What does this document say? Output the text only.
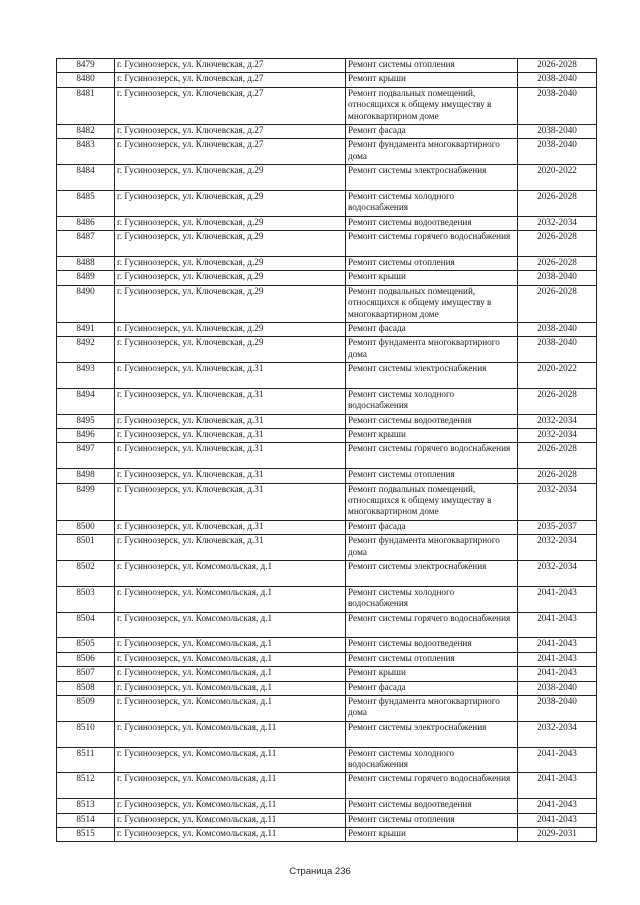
8479	г. Гусиноозерск, ул. Ключевская, д.27	Ремонт системы отопления	2026-2028
8480	г. Гусиноозерск, ул. Ключевская, д.27	Ремонт крыши	2038-2040
8481	г. Гусиноозерск, ул. Ключевская, д.27	Ремонт подвальных помещений, относящихся к общему имуществу в многоквартирном доме	2038-2040
8482	г. Гусиноозерск, ул. Ключевская, д.27	Ремонт фасада	2038-2040
8483	г. Гусиноозерск, ул. Ключевская, д.27	Ремонт фундамента многоквартирного дома	2038-2040
8484	г. Гусиноозерск, ул. Ключевская, д.29	Ремонт системы электроснабжения	2020-2022
8485	г. Гусиноозерск, ул. Ключевская, д.29	Ремонт системы холодного водоснабжения	2026-2028
8486	г. Гусиноозерск, ул. Ключевская, д.29	Ремонт системы водоотведения	2032-2034
8487	г. Гусиноозерск, ул. Ключевская, д.29	Ремонт системы горячего водоснабжения	2026-2028
8488	г. Гусиноозерск, ул. Ключевская, д.29	Ремонт системы отопления	2026-2028
8489	г. Гусиноозерск, ул. Ключевская, д.29	Ремонт крыши	2038-2040
8490	г. Гусиноозерск, ул. Ключевская, д.29	Ремонт подвальных помещений, относящихся к общему имуществу в многоквартирном доме	2026-2028
8491	г. Гусиноозерск, ул. Ключевская, д.29	Ремонт фасада	2038-2040
8492	г. Гусиноозерск, ул. Ключевская, д.29	Ремонт фундамента многоквартирного дома	2038-2040
8493	г. Гусиноозерск, ул. Ключевская, д.31	Ремонт системы электроснабжения	2020-2022
8494	г. Гусиноозерск, ул. Ключевская, д.31	Ремонт системы холодного водоснабжения	2026-2028
8495	г. Гусиноозерск, ул. Ключевская, д.31	Ремонт системы водоотведения	2032-2034
8496	г. Гусиноозерск, ул. Ключевская, д.31	Ремонт крыши	2032-2034
8497	г. Гусиноозерск, ул. Ключевская, д.31	Ремонт системы горячего водоснабжения	2026-2028
8498	г. Гусиноозерск, ул. Ключевская, д.31	Ремонт системы отопления	2026-2028
8499	г. Гусиноозерск, ул. Ключевская, д.31	Ремонт подвальных помещений, относящихся к общему имуществу в многоквартирном доме	2032-2034
8500	г. Гусиноозерск, ул. Ключевская, д.31	Ремонт фасада	2035-2037
8501	г. Гусиноозерск, ул. Ключевская, д.31	Ремонт фундамента многоквартирного дома	2032-2034
8502	г. Гусиноозерск, ул. Комсомольская, д.1	Ремонт системы электроснабжения	2032-2034
8503	г. Гусиноозерск, ул. Комсомольская, д.1	Ремонт системы холодного водоснабжения	2041-2043
8504	г. Гусиноозерск, ул. Комсомольская, д.1	Ремонт системы горячего водоснабжения	2041-2043
8505	г. Гусиноозерск, ул. Комсомольская, д.1	Ремонт системы водоотведения	2041-2043
8506	г. Гусиноозерск, ул. Комсомольская, д.1	Ремонт системы отопления	2041-2043
8507	г. Гусиноозерск, ул. Комсомольская, д.1	Ремонт крыши	2041-2043
8508	г. Гусиноозерск, ул. Комсомольская, д.1	Ремонт фасада	2038-2040
8509	г. Гусиноозерск, ул. Комсомольская, д.1	Ремонт фундамента многоквартирного дома	2038-2040
8510	г. Гусиноозерск, ул. Комсомольская, д.11	Ремонт системы электроснабжения	2032-2034
8511	г. Гусиноозерск, ул. Комсомольская, д.11	Ремонт системы холодного водоснабжения	2041-2043
8512	г. Гусиноозерск, ул. Комсомольская, д.11	Ремонт системы горячего водоснабжения	2041-2043
8513	г. Гусиноозерск, ул. Комсомольская, д.11	Ремонт системы водоотведения	2041-2043
8514	г. Гусиноозерск, ул. Комсомольская, д.11	Ремонт системы отопления	2041-2043
8515	г. Гусиноозерск, ул. Комсомольская, д.11	Ремонт крыши	2029-2031
Страница 236
